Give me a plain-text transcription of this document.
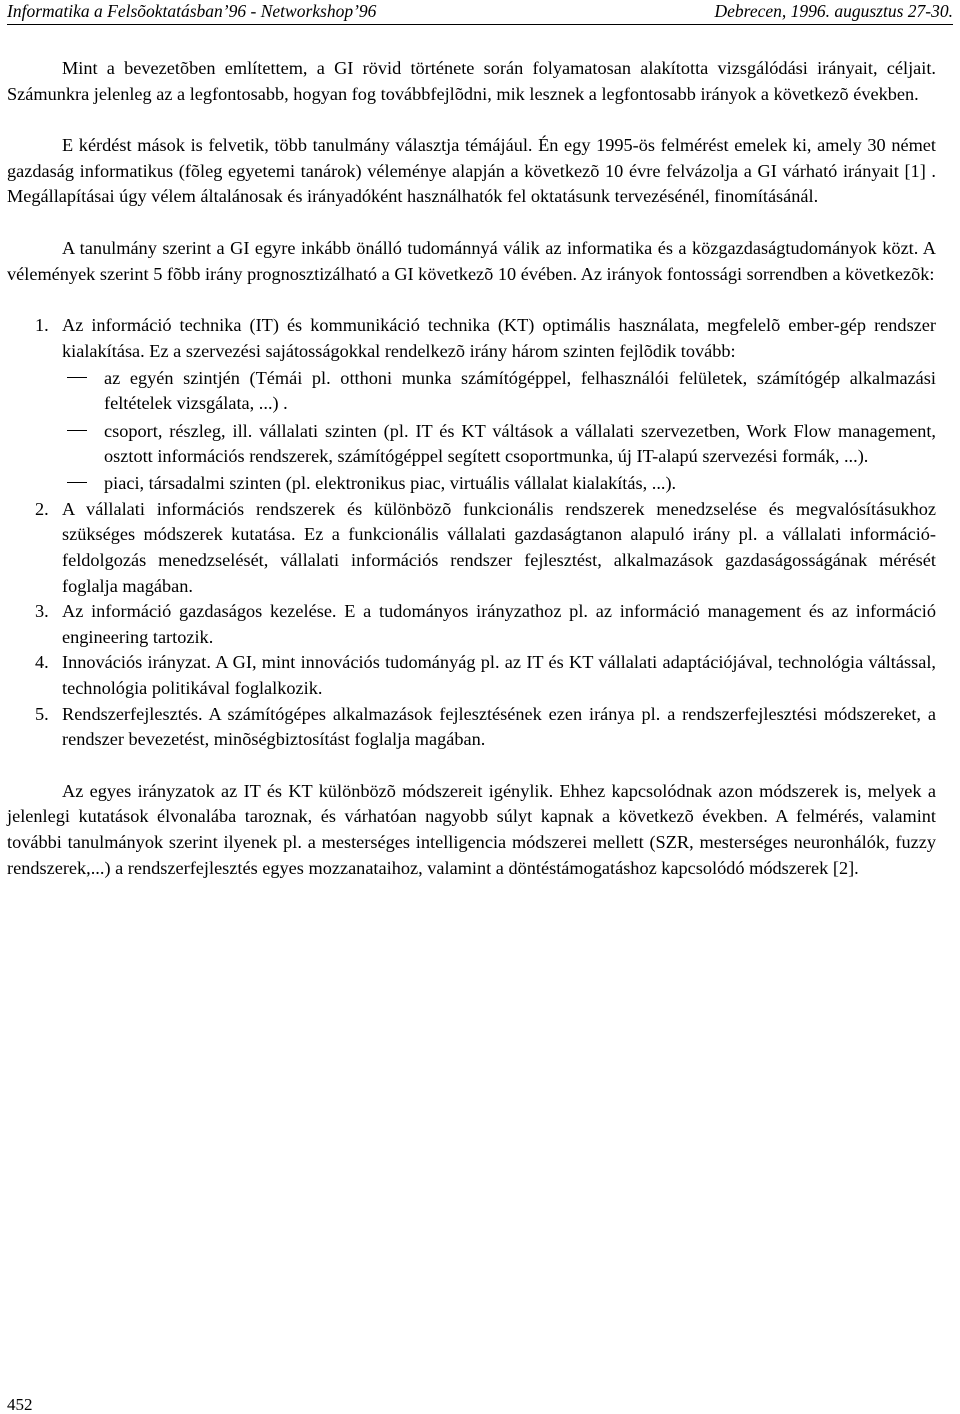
Informatika a Felsõoktatásban’96 - Networkshop’96	Debrecen, 1996. augusztus 27-30.

Mint a bevezetõben említettem, a GI rövid története során folyamatosan alakította vizsgálódási irányait, céljait. Számunkra jelenleg az a legfontosabb, hogyan fog továbbfejlõdni, mik lesznek a legfontosabb irányok a következõ években.

E kérdést mások is felvetik, több tanulmány választja témájául. Én egy 1995-ös felmérést emelek ki, amely 30 német gazdaság informatikus (fõleg egyetemi tanárok) véleménye alapján a következõ 10 évre felvázolja a GI várható irányait [1] . Megállapításai úgy vélem általánosak és irányadóként használhatók fel oktatásunk tervezésénél, finomításánál.

A tanulmány szerint a GI egyre inkább önálló tudománnyá válik az informatika és a közgazdaságtudományok közt. A vélemények szerint 5 fõbb irány prognosztizálható a GI következõ 10 évében. Az irányok fontossági sorrendben a következõk:

1. Az információ technika (IT) és kommunikáció technika (KT) optimális használata, megfelelõ ember-gép rendszer kialakítása. Ez a szervezési sajátosságokkal rendelkezõ irány három szinten fejlõdik tovább:
az egyén szintjén (Témái pl. otthoni munka számítógéppel, felhasználói felületek, számítógép alkalmazási feltételek vizsgálata, ...) .
csoport, részleg, ill. vállalati szinten (pl. IT és KT váltások a vállalati szervezetben, Work Flow management, osztott információs rendszerek, számítógéppel segített csoportmunka, új IT-alapú szervezési formák, ...).
piaci, társadalmi szinten (pl. elektronikus piac, virtuális vállalat kialakítás, ...).
2. A vállalati információs rendszerek és különbözõ funkcionális rendszerek menedzselése és megvalósításukhoz szükséges módszerek kutatása. Ez a funkcionális vállalati gazdaságtanon alapuló irány pl. a vállalati információ-feldolgozás menedzselését, vállalati információs rendszer fejlesztést, alkalmazások gazdaságosságának mérését foglalja magában.
3. Az információ gazdaságos kezelése. E a tudományos irányzathoz pl. az információ management és az információ engineering tartozik.
4. Innovációs irányzat. A GI, mint innovációs tudományág pl. az IT és KT vállalati adaptációjával, technológia váltással, technológia politikával foglalkozik.
5. Rendszerfejlesztés. A számítógépes alkalmazások fejlesztésének ezen iránya pl. a rendszerfejlesztési módszereket, a rendszer bevezetést, minõségbiztosítást foglalja magában.

Az egyes irányzatok az IT és KT különbözõ módszereit igénylik. Ehhez kapcsolódnak azon módszerek is, melyek a jelenlegi kutatások élvonalába taroznak, és várhatóan nagyobb súlyt kapnak a következõ években. A felmérés, valamint további tanulmányok szerint ilyenek pl. a mesterséges intelligencia módszerei mellett (SZR, mesterséges neuronhálók, fuzzy rendszerek,...) a rendszerfejlesztés egyes mozzanataihoz, valamint a döntéstámogatáshoz kapcsolódó módszerek [2].

452
